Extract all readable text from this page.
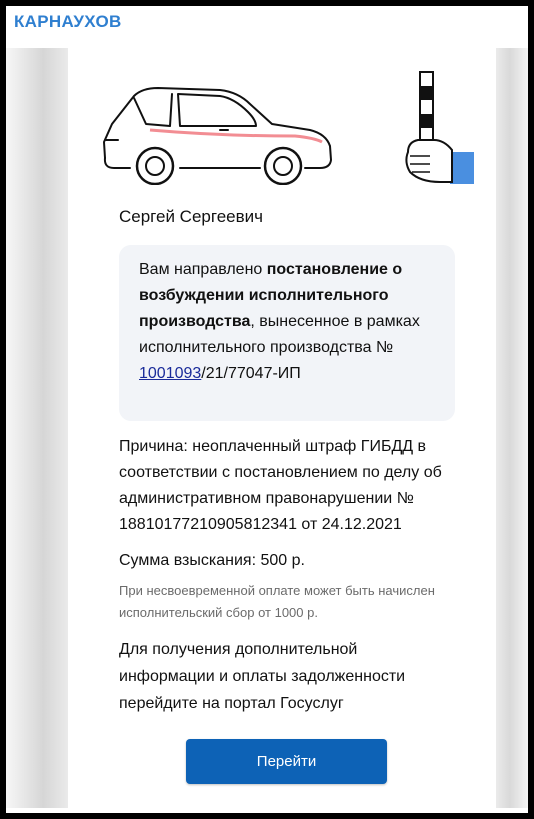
КАРНАУХОВ
Сергей Сергеевич
Вам направлено постановление о возбуждении исполнительного производства, вынесенное в рамках исполнительного производства № 1001093/21/77047-ИП
Причина: неоплаченный штраф ГИБДД в соответствии с постановлением по делу об административном правонарушении № 18810177210905812341 от 24.12.2021
Сумма взыскания: 500 р.
При несвоевременной оплате может быть начислен исполнительский сбор от 1000 р.
Для получения дополнительной информации и оплаты задолженности перейдите на портал Госуслуг
Перейти
